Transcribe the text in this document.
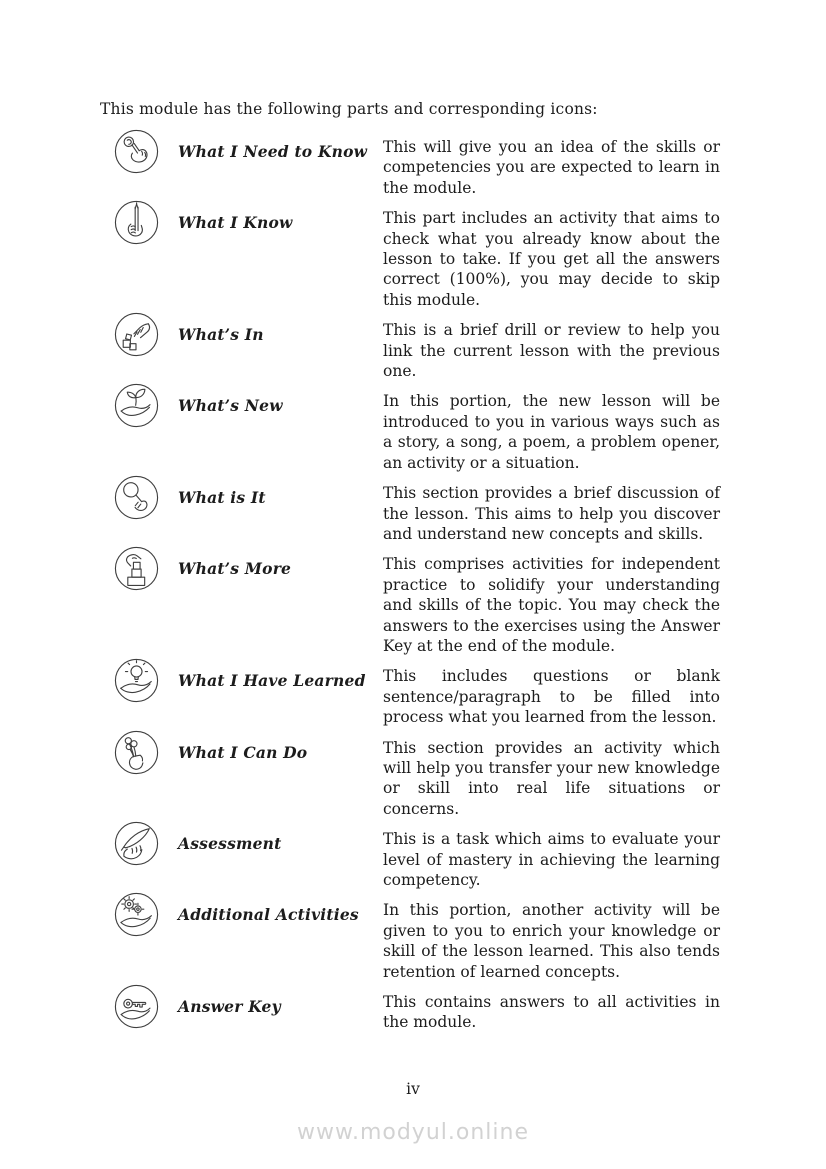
This module has the following parts and corresponding icons:

What I Need to Know	This will give you an idea of the skills or competencies you are expected to learn in the module.

What I Know	This part includes an activity that aims to check what you already know about the lesson to take. If you get all the answers correct (100%), you may decide to skip this module.

What’s In	This is a brief drill or review to help you link the current lesson with the previous one.

What’s New	In this portion, the new lesson will be introduced to you in various ways such as a story, a song, a poem, a problem opener, an activity or a situation.

What is It	This section provides a brief discussion of the lesson. This aims to help you discover and understand new concepts and skills.

What’s More	This comprises activities for independent practice to solidify your understanding and skills of the topic. You may check the answers to the exercises using the Answer Key at the end of the module.

What I Have Learned	This includes questions or blank sentence/paragraph to be filled into process what you learned from the lesson.

What I Can Do	This section provides an activity which will help you transfer your new knowledge or skill into real life situations or concerns.

Assessment	This is a task which aims to evaluate your level of mastery in achieving the learning competency.

Additional Activities	In this portion, another activity will be given to you to enrich your knowledge or skill of the lesson learned. This also tends retention of learned concepts.

Answer Key	This contains answers to all activities in the module.

iv
www.modyul.online
